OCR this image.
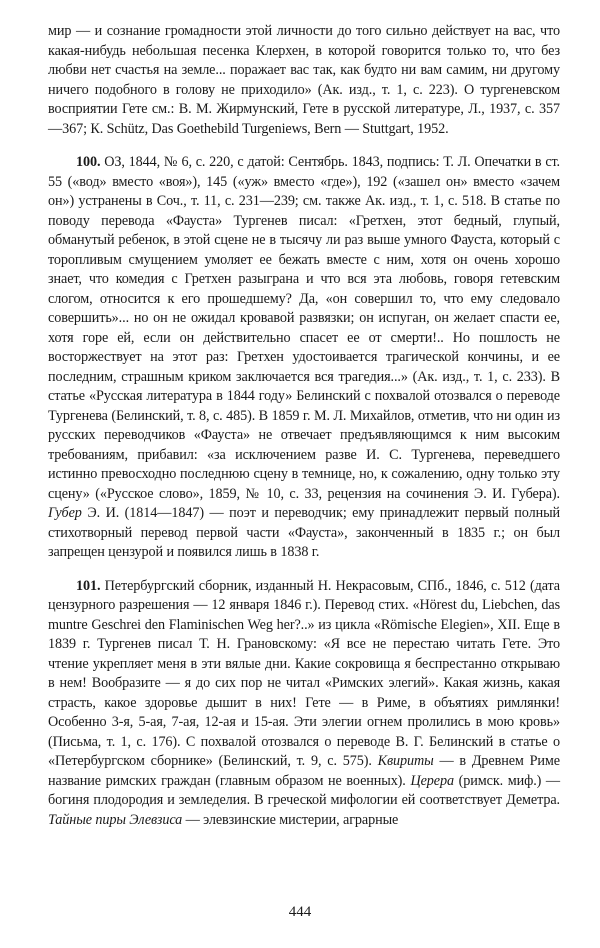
мир — и сознание громадности этой личности до того сильно действует на вас, что какая-нибудь небольшая песенка Клерхен, в которой говорится только то, что без любви нет счастья на земле... поражает вас так, как будто ни вам самим, ни другому ничего подобного в голову не приходило» (Ак. изд., т. 1, с. 223). О тургеневском восприятии Гете см.: В. М. Жирмунский, Гете в русской литературе, Л., 1937, с. 357—367; К. Schütz, Das Goethebild Turgeniews, Bern — Stuttgart, 1952.

100. ОЗ, 1844, № 6, с. 220, с датой: Сентябрь. 1843, подпись: Т. Л. Опечатки в ст. 55 («вод» вместо «воя»), 145 («уж» вместо «где»), 192 («зашел он» вместо «зачем он») устранены в Соч., т. 11, с. 231—239; см. также Ак. изд., т. 1, с. 518. В статье по поводу перевода «Фауста» Тургенев писал: «Гретхен, этот бедный, глупый, обманутый ребенок, в этой сцене не в тысячу ли раз выше умного Фауста, который с торопливым смущением умоляет ее бежать вместе с ним, хотя он очень хорошо знает, что комедия с Гретхен разыграна и что вся эта любовь, говоря гетевским слогом, относится к его прошедшему? Да, «он совершил то, что ему следовало совершить»... но он не ожидал кровавой развязки; он испуган, он желает спасти ее, хотя горе ей, если он действительно спасет ее от смерти!.. Но пошлость не восторжествует на этот раз: Гретхен удостоивается трагической кончины, и ее последним, страшным криком заключается вся трагедия...» (Ак. изд., т. 1, с. 233). В статье «Русская литература в 1844 году» Белинский с похвалой отозвался о переводе Тургенева (Белинский, т. 8, с. 485). В 1859 г. М. Л. Михайлов, отметив, что ни один из русских переводчиков «Фауста» не отвечает предъявляющимся к ним высоким требованиям, прибавил: «за исключением разве И. С. Тургенева, переведшего истинно превосходно последнюю сцену в темнице, но, к сожалению, одну только эту сцену» («Русское слово», 1859, № 10, с. 33, рецензия на сочинения Э. И. Губера). Губер Э. И. (1814—1847) — поэт и переводчик; ему принадлежит первый полный стихотворный перевод первой части «Фауста», законченный в 1835 г.; он был запрещен цензурой и появился лишь в 1838 г.

101. Петербургский сборник, изданный Н. Некрасовым, СПб., 1846, с. 512 (дата цензурного разрешения — 12 января 1846 г.). Перевод стих. «Hörest du, Liebchen, das muntre Geschrei den Flaminischen Weg her?..» из цикла «Römische Elegien», XII. Еще в 1839 г. Тургенев писал Т. Н. Грановскому: «Я все не перестаю читать Гете. Это чтение укрепляет меня в эти вялые дни. Какие сокровища я беспрестанно открываю в нем! Вообразите — я до сих пор не читал «Римских элегий». Какая жизнь, какая страсть, какое здоровье дышит в них! Гете — в Риме, в объятиях римлянки! Особенно 3-я, 5-ая, 7-ая, 12-ая и 15-ая. Эти элегии огнем пролились в мою кровь» (Письма, т. 1, с. 176). С похвалой отозвался о переводе В. Г. Белинский в статье о «Петербургском сборнике» (Белинский, т. 9, с. 575). Квириты — в Древнем Риме название римских граждан (главным образом не военных). Церера (римск. миф.) — богиня плодородия и земледелия. В греческой мифологии ей соответствует Деметра. Тайные пиры Элевзиса — элевзинские мистерии, аграрные

444
